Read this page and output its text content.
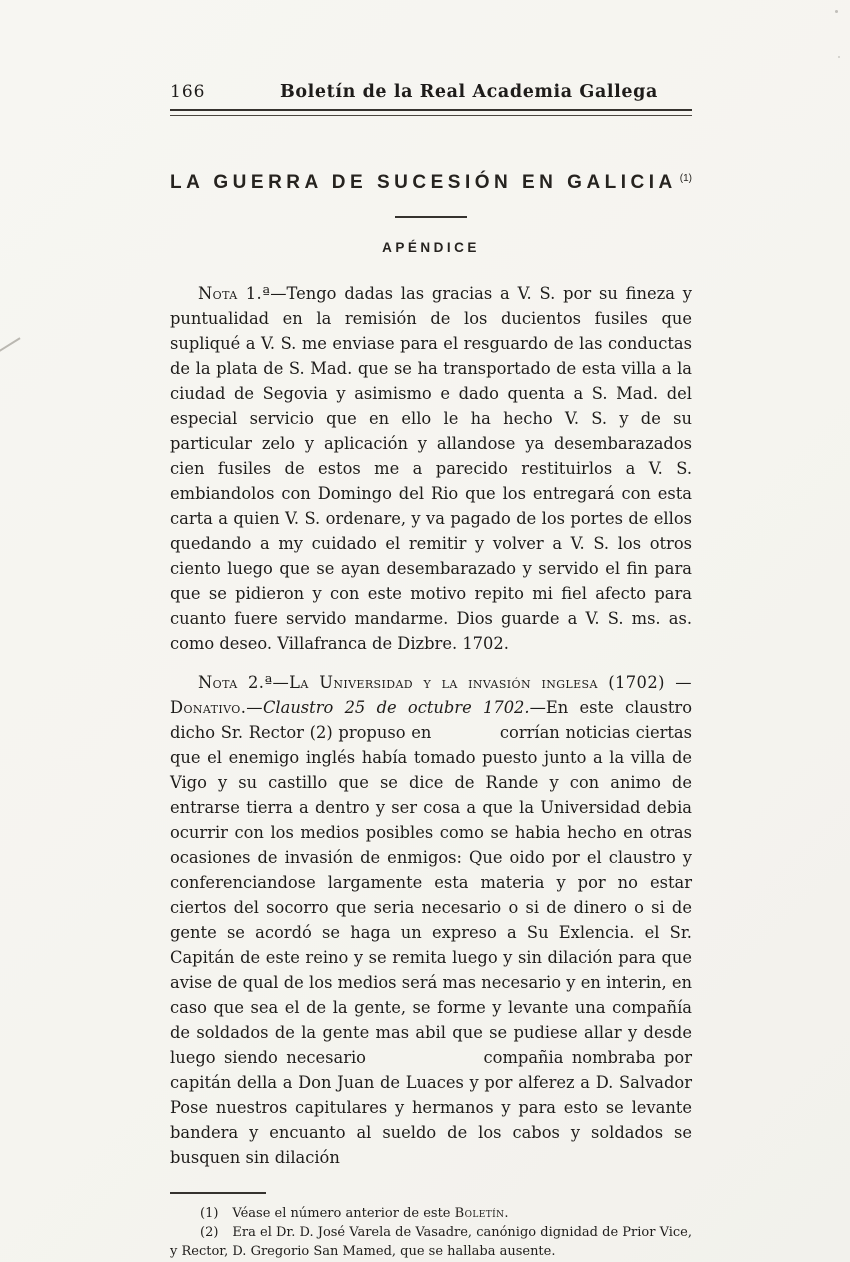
166	Boletín de la Real Academia Gallega
LA GUERRA DE SUCESIÓN EN GALICIA $^{(1)}$
APÉNDICE

Nota 1.ª—Tengo dadas las gracias a V. S. por su fineza y puntualidad en la remisión de los ducientos fusiles que supliqué a V. S. me enviase para el resguardo de las conductas de la plata de S. Mad. que se ha transportado de esta villa a la ciudad de Segovia y asimismo e dado quenta a S. Mad. del especial servicio que en ello le ha hecho V. S. y de su particular zelo y aplicación y allandose ya desembarazados cien fusiles de estos me a parecido restituirlos a V. S. embiandolos con Domingo del Rio que los entregará con esta carta a quien V. S. ordenare, y va pagado de los portes de ellos quedando a my cuidado el remitir y volver a V. S. los otros ciento luego que se ayan desembarazado y servido el fin para que se pidieron y con este motivo repito mi fiel afecto para cuanto fuere servido mandarme. Dios guarde a V. S. ms. as. como deseo. Villafranca de Dizbre. 1702.

Nota 2.ª—La Universidad y la invasión inglesa (1702) —Donativo.—Claustro 25 de octubre 1702.—En este claustro dicho Sr. Rector (2) propuso en            corrían noticias ciertas que el enemigo inglés había tomado puesto junto a la villa de Vigo y su castillo que se dice de Rande y con animo de entrarse tierra a dentro y ser cosa a que la Universidad debia ocurrir con los medios posibles como se habia hecho en otras ocasiones de invasión de enmigos: Que oido por el claustro y conferenciandose largamente esta materia y por no estar ciertos del socorro que seria necesario o si de dinero o si de gente se acordó se haga un expreso a Su Exlencia. el Sr. Capitán de este reino y se remita luego y sin dilación para que avise de qual de los medios será mas necesario y en interin, en caso que sea el de la gente, se forme y levante una compañía de soldados de la gente mas abil que se pudiese allar y desde luego siendo necesario              compañia nombraba por capitán della a Don Juan de Luaces y por alferez a D. Salvador Pose nuestros capitulares y hermanos y para esto se levante bandera y encuanto al sueldo de los cabos y soldados se busquen sin dilación

(1) Véase el número anterior de este Boletín.

(2) Era el Dr. D. José Varela de Vasadre, canónigo dignidad de Prior Vice, y Rector, D. Gregorio San Mamed, que se hallaba ausente.
